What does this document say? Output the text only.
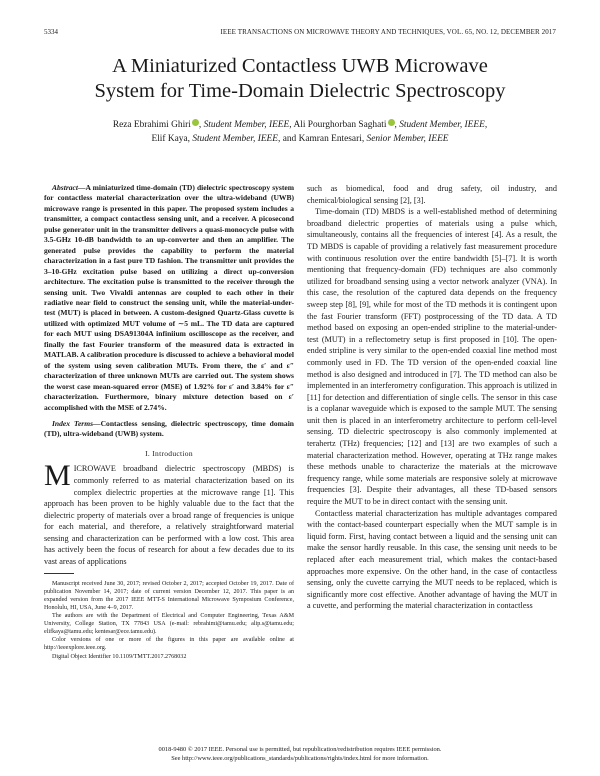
5334	IEEE TRANSACTIONS ON MICROWAVE THEORY AND TECHNIQUES, VOL. 65, NO. 12, DECEMBER 2017
A Miniaturized Contactless UWB Microwave
System for Time-Domain Dielectric Spectroscopy
Reza Ebrahimi Ghiri , Student Member, IEEE, Ali Pourghorban Saghati , Student Member, IEEE,
Elif Kaya, Student Member, IEEE, and Kamran Entesari, Senior Member, IEEE

Abstract—A miniaturized time-domain (TD) dielectric spectroscopy system for contactless material characterization over the ultra-wideband (UWB) microwave range is presented in this paper. The proposed system includes a transmitter, a compact contactless sensing unit, and a receiver. A picosecond pulse generator unit in the transmitter delivers a quasi-monocycle pulse with 3.5-GHz 10-dB bandwidth to an up-converter and then an amplifier. The generated pulse provides the capability to perform the material characterization in a fast pure TD fashion. The transmitter unit provides the 3–10-GHz excitation pulse based on utilizing a direct up-conversion architecture. The excitation pulse is transmitted to the receiver through the sensing unit. Two Vivaldi antennas are coupled to each other in their radiative near field to construct the sensing unit, while the material-under-test (MUT) is placed in between. A custom-designed Quartz-Glass cuvette is utilized with optimized MUT volume of ∼5 mL. The TD data are captured for each MUT using DSA91304A infiniium oscilloscope as the receiver, and finally the fast Fourier transform of the measured data is extracted in MATLAB. A calibration procedure is discussed to achieve a behavioral model of the system using seven calibration MUTs. From there, the ε′ and ε″ characterization of three unknown MUTs are carried out. The system shows the worst case mean-squared error (MSE) of 1.92% for ε′ and 3.84% for ε″ characterization. Furthermore, binary mixture detection based on ε′ accomplished with the MSE of 2.74%.

Index Terms—Contactless sensing, dielectric spectroscopy, time domain (TD), ultra-wideband (UWB) system.

I. Introduction

MICROWAVE broadband dielectric spectroscopy (MBDS) is commonly referred to as material characterization based on its complex dielectric properties at the microwave range [1]. This approach has been proven to be highly valuable due to the fact that the dielectric property of materials over a broad range of frequencies is unique for each material, and therefore, a relatively straightforward material sensing and characterization can be performed with a low cost. This area has actively been the focus of research for about a few decades due to its vast areas of applications

Manuscript received June 30, 2017; revised October 2, 2017; accepted October 19, 2017. Date of publication November 14, 2017; date of current version December 12, 2017. This paper is an expanded version from the 2017 IEEE MTT-S International Microwave Symposium Conference, Honolulu, HI, USA, June 4–9, 2017.

The authors are with the Department of Electrical and Computer Engineering, Texas A&M University, College Station, TX 77843 USA (e-mail: rebrahimi@tamu.edu; alip.s@tamu.edu; elifkaya@tamu.edu; kentesar@ece.tamu.edu).

Color versions of one or more of the figures in this paper are available online at http://ieeexplore.ieee.org.

Digital Object Identifier 10.1109/TMTT.2017.2768032

such as biomedical, food and drug safety, oil industry, and chemical/biological sensing [2], [3].

Time-domain (TD) MBDS is a well-established method of determining broadband dielectric properties of materials using a pulse which, simultaneously, contains all the frequencies of interest [4]. As a result, the TD MBDS is capable of providing a relatively fast measurement procedure with continuous resolution over the entire bandwidth [5]–[7]. It is worth mentioning that frequency-domain (FD) techniques are also commonly utilized for broadband sensing using a vector network analyzer (VNA). In this case, the resolution of the captured data depends on the frequency sweep step [8], [9], while for most of the TD methods it is contingent upon the fast Fourier transform (FFT) postprocessing of the TD data. A TD method based on exposing an open-ended stripline to the material-under-test (MUT) in a reflectometry setup is first proposed in [10]. The open-ended stripline is very similar to the open-ended coaxial line method most commonly used in FD. The TD version of the open-ended coaxial line method is also designed and introduced in [7]. The TD method can also be implemented in an interferometry configuration. This approach is utilized in [11] for detection and differentiation of single cells. The sensor in this case is a coplanar waveguide which is exposed to the sample MUT. The sensing unit then is placed in an interferometry architecture to perform cell-level sensing. TD dielectric spectroscopy is also commonly implemented at terahertz (THz) frequencies; [12] and [13] are two examples of such a material characterization method. However, operating at THz range makes these methods unable to characterize the materials at the microwave frequency range, while some materials are responsive solely at microwave frequencies [3]. Despite their advantages, all these TD-based sensors require the MUT to be in direct contact with the sensing unit.

Contactless material characterization has multiple advantages compared with the contact-based counterpart especially when the MUT sample is in liquid form. First, having contact between a liquid and the sensing unit can make the sensor hardly reusable. In this case, the sensing unit needs to be replaced after each measurement trial, which makes the contact-based approaches more expensive. On the other hand, in the case of contactless sensing, only the cuvette carrying the MUT needs to be replaced, which is significantly more cost effective. Another advantage of having the MUT in a cuvette, and performing the material characterization in contactless

0018-9480 © 2017 IEEE. Personal use is permitted, but republication/redistribution requires IEEE permission.
See http://www.ieee.org/publications_standards/publications/rights/index.html for more information.
